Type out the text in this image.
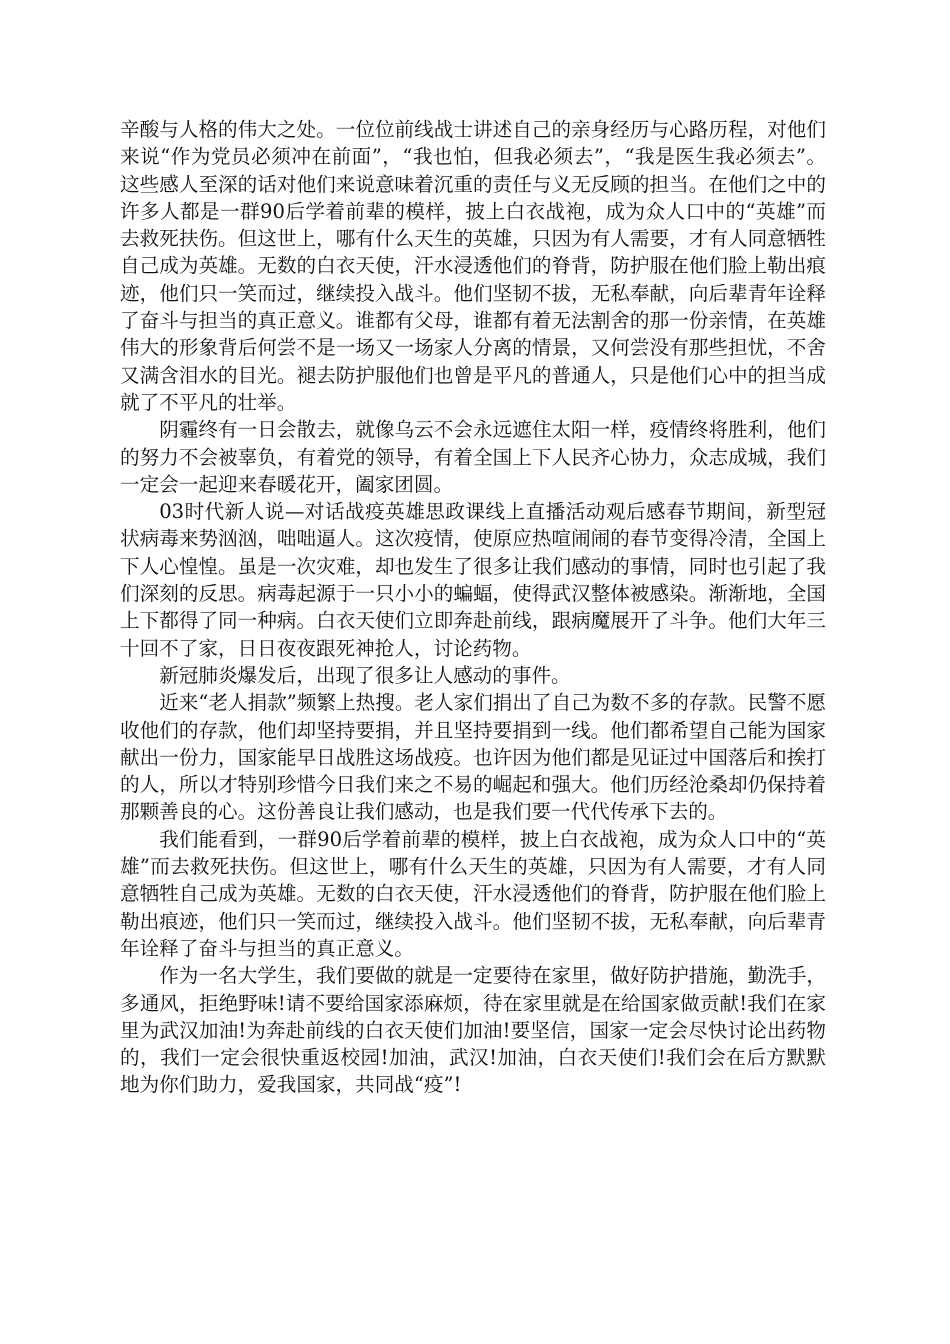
辛酸与人格的伟大之处。一位位前线战士讲述自己的亲身经历与心路历程，对他们来说“作为党员必须冲在前面”，“我也怕，但我必须去”，“我是医生我必须去”。这些感人至深的话对他们来说意味着沉重的责任与义无反顾的担当。在他们之中的许多人都是一群90后学着前辈的模样，披上白衣战袍，成为众人口中的“英雄”而去救死扶伤。但这世上，哪有什么天生的英雄，只因为有人需要，才有人同意牺牲自己成为英雄。无数的白衣天使，汗水浸透他们的脊背，防护服在他们脸上勒出痕迹，他们只一笑而过，继续投入战斗。他们坚韧不拔，无私奉献，向后辈青年诠释了奋斗与担当的真正意义。谁都有父母，谁都有着无法割舍的那一份亲情，在英雄伟大的形象背后何尝不是一场又一场家人分离的情景，又何尝没有那些担忧，不舍又满含泪水的目光。褪去防护服他们也曾是平凡的普通人，只是他们心中的担当成就了不平凡的壮举。

阴霾终有一日会散去，就像乌云不会永远遮住太阳一样，疫情终将胜利，他们的努力不会被辜负，有着党的领导，有着全国上下人民齐心协力，众志成城，我们一定会一起迎来春暖花开，阖家团圆。

03时代新人说—对话战疫英雄思政课线上直播活动观后感春节期间，新型冠状病毒来势汹汹，咄咄逼人。这次疫情，使原应热喧闹闹的春节变得冷清，全国上下人心惶惶。虽是一次灾难，却也发生了很多让我们感动的事情，同时也引起了我们深刻的反思。病毒起源于一只小小的蝙蝠，使得武汉整体被感染。渐渐地，全国上下都得了同一种病。白衣天使们立即奔赴前线，跟病魔展开了斗争。他们大年三十回不了家，日日夜夜跟死神抢人，讨论药物。

新冠肺炎爆发后，出现了很多让人感动的事件。

近来“老人捐款”频繁上热搜。老人家们捐出了自己为数不多的存款。民警不愿收他们的存款，他们却坚持要捐，并且坚持要捐到一线。他们都希望自己能为国家献出一份力，国家能早日战胜这场战疫。也许因为他们都是见证过中国落后和挨打的人，所以才特别珍惜今日我们来之不易的崛起和强大。他们历经沧桑却仍保持着那颗善良的心。这份善良让我们感动，也是我们要一代代传承下去的。

我们能看到，一群90后学着前辈的模样，披上白衣战袍，成为众人口中的“英雄”而去救死扶伤。但这世上，哪有什么天生的英雄，只因为有人需要，才有人同意牺牲自己成为英雄。无数的白衣天使，汗水浸透他们的脊背，防护服在他们脸上勒出痕迹，他们只一笑而过，继续投入战斗。他们坚韧不拔，无私奉献，向后辈青年诠释了奋斗与担当的真正意义。

作为一名大学生，我们要做的就是一定要待在家里，做好防护措施，勤洗手，多通风，拒绝野味!请不要给国家添麻烦，待在家里就是在给国家做贡献!我们在家里为武汉加油!为奔赴前线的白衣天使们加油!要坚信，国家一定会尽快讨论出药物的，我们一定会很快重返校园!加油，武汉!加油，白衣天使们!我们会在后方默默地为你们助力，爱我国家，共同战“疫”!
